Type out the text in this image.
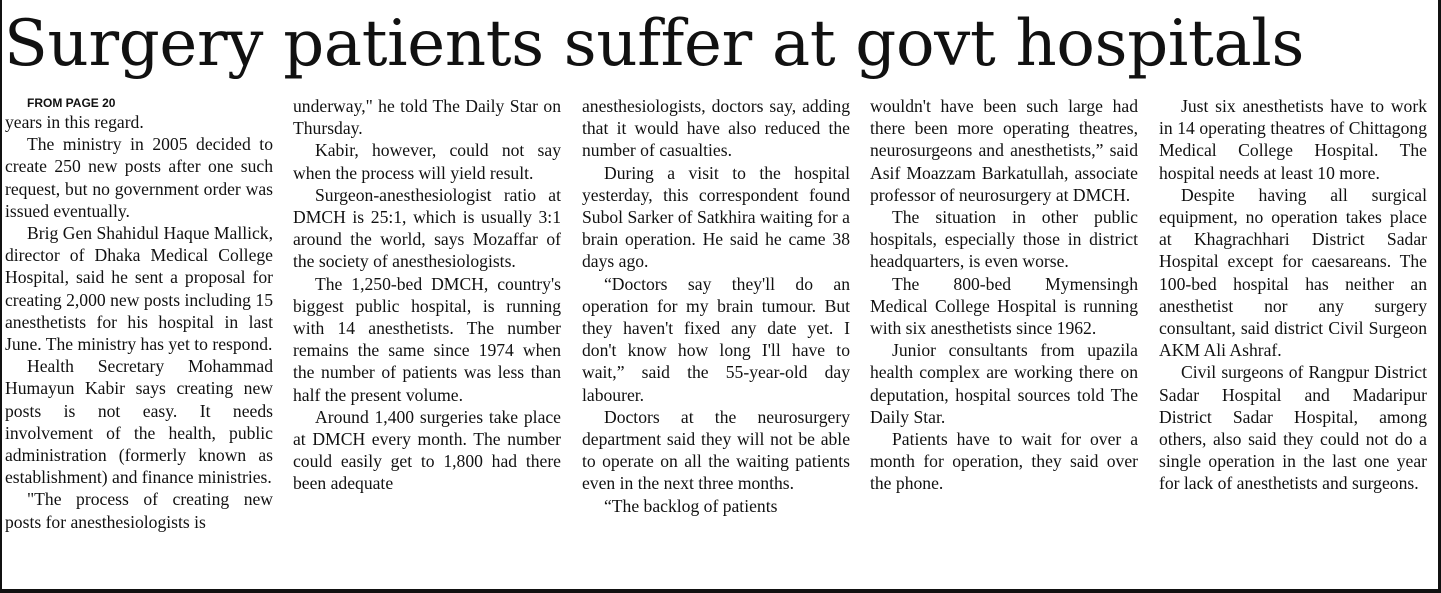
Surgery patients suffer at govt hospitals

FROM PAGE 20

years in this regard.

The ministry in 2005 decided to create 250 new posts after one such request, but no government order was issued eventually.

Brig Gen Shahidul Haque Mallick, director of Dhaka Medical College Hospital, said he sent a proposal for creating 2,000 new posts including 15 anesthetists for his hospital in last June. The ministry has yet to respond.

Health Secretary Mohammad Humayun Kabir says creating new posts is not easy. It needs involvement of the health, public administration (formerly known as establishment) and finance ministries.

"The process of creating new posts for anesthesiologists is

underway," he told The Daily Star on Thursday.

Kabir, however, could not say when the process will yield result.

Surgeon-anesthesiologist ratio at DMCH is 25:1, which is usually 3:1 around the world, says Mozaffar of the society of anesthesiologists.

The 1,250-bed DMCH, country's biggest public hospital, is running with 14 anesthetists. The number remains the same since 1974 when the number of patients was less than half the present volume.

Around 1,400 surgeries take place at DMCH every month. The number could easily get to 1,800 had there been adequate

anesthesiologists, doctors say, adding that it would have also reduced the number of casualties.

During a visit to the hospital yesterday, this correspondent found Subol Sarker of Satkhira waiting for a brain operation. He said he came 38 days ago.

“Doctors say they'll do an operation for my brain tumour. But they haven't fixed any date yet. I don't know how long I'll have to wait,” said the 55-year-old day labourer.

Doctors at the neurosurgery department said they will not be able to operate on all the waiting patients even in the next three months.

“The backlog of patients

wouldn't have been such large had there been more operating theatres, neurosurgeons and anesthetists,” said Asif Moazzam Barkatullah, associate professor of neurosurgery at DMCH.

The situation in other public hospitals, especially those in district headquarters, is even worse.

The 800-bed Mymensingh Medical College Hospital is running with six anesthetists since 1962.

Junior consultants from upazila health complex are working there on deputation, hospital sources told The Daily Star.

Patients have to wait for over a month for operation, they said over the phone.

Just six anesthetists have to work in 14 operating theatres of Chittagong Medical College Hospital. The hospital needs at least 10 more.

Despite having all surgical equipment, no operation takes place at Khagrachhari District Sadar Hospital except for caesareans. The 100-bed hospital has neither an anesthetist nor any surgery consultant, said district Civil Surgeon AKM Ali Ashraf.

Civil surgeons of Rangpur District Sadar Hospital and Madaripur District Sadar Hospital, among others, also said they could not do a single operation in the last one year for lack of anesthetists and surgeons.
